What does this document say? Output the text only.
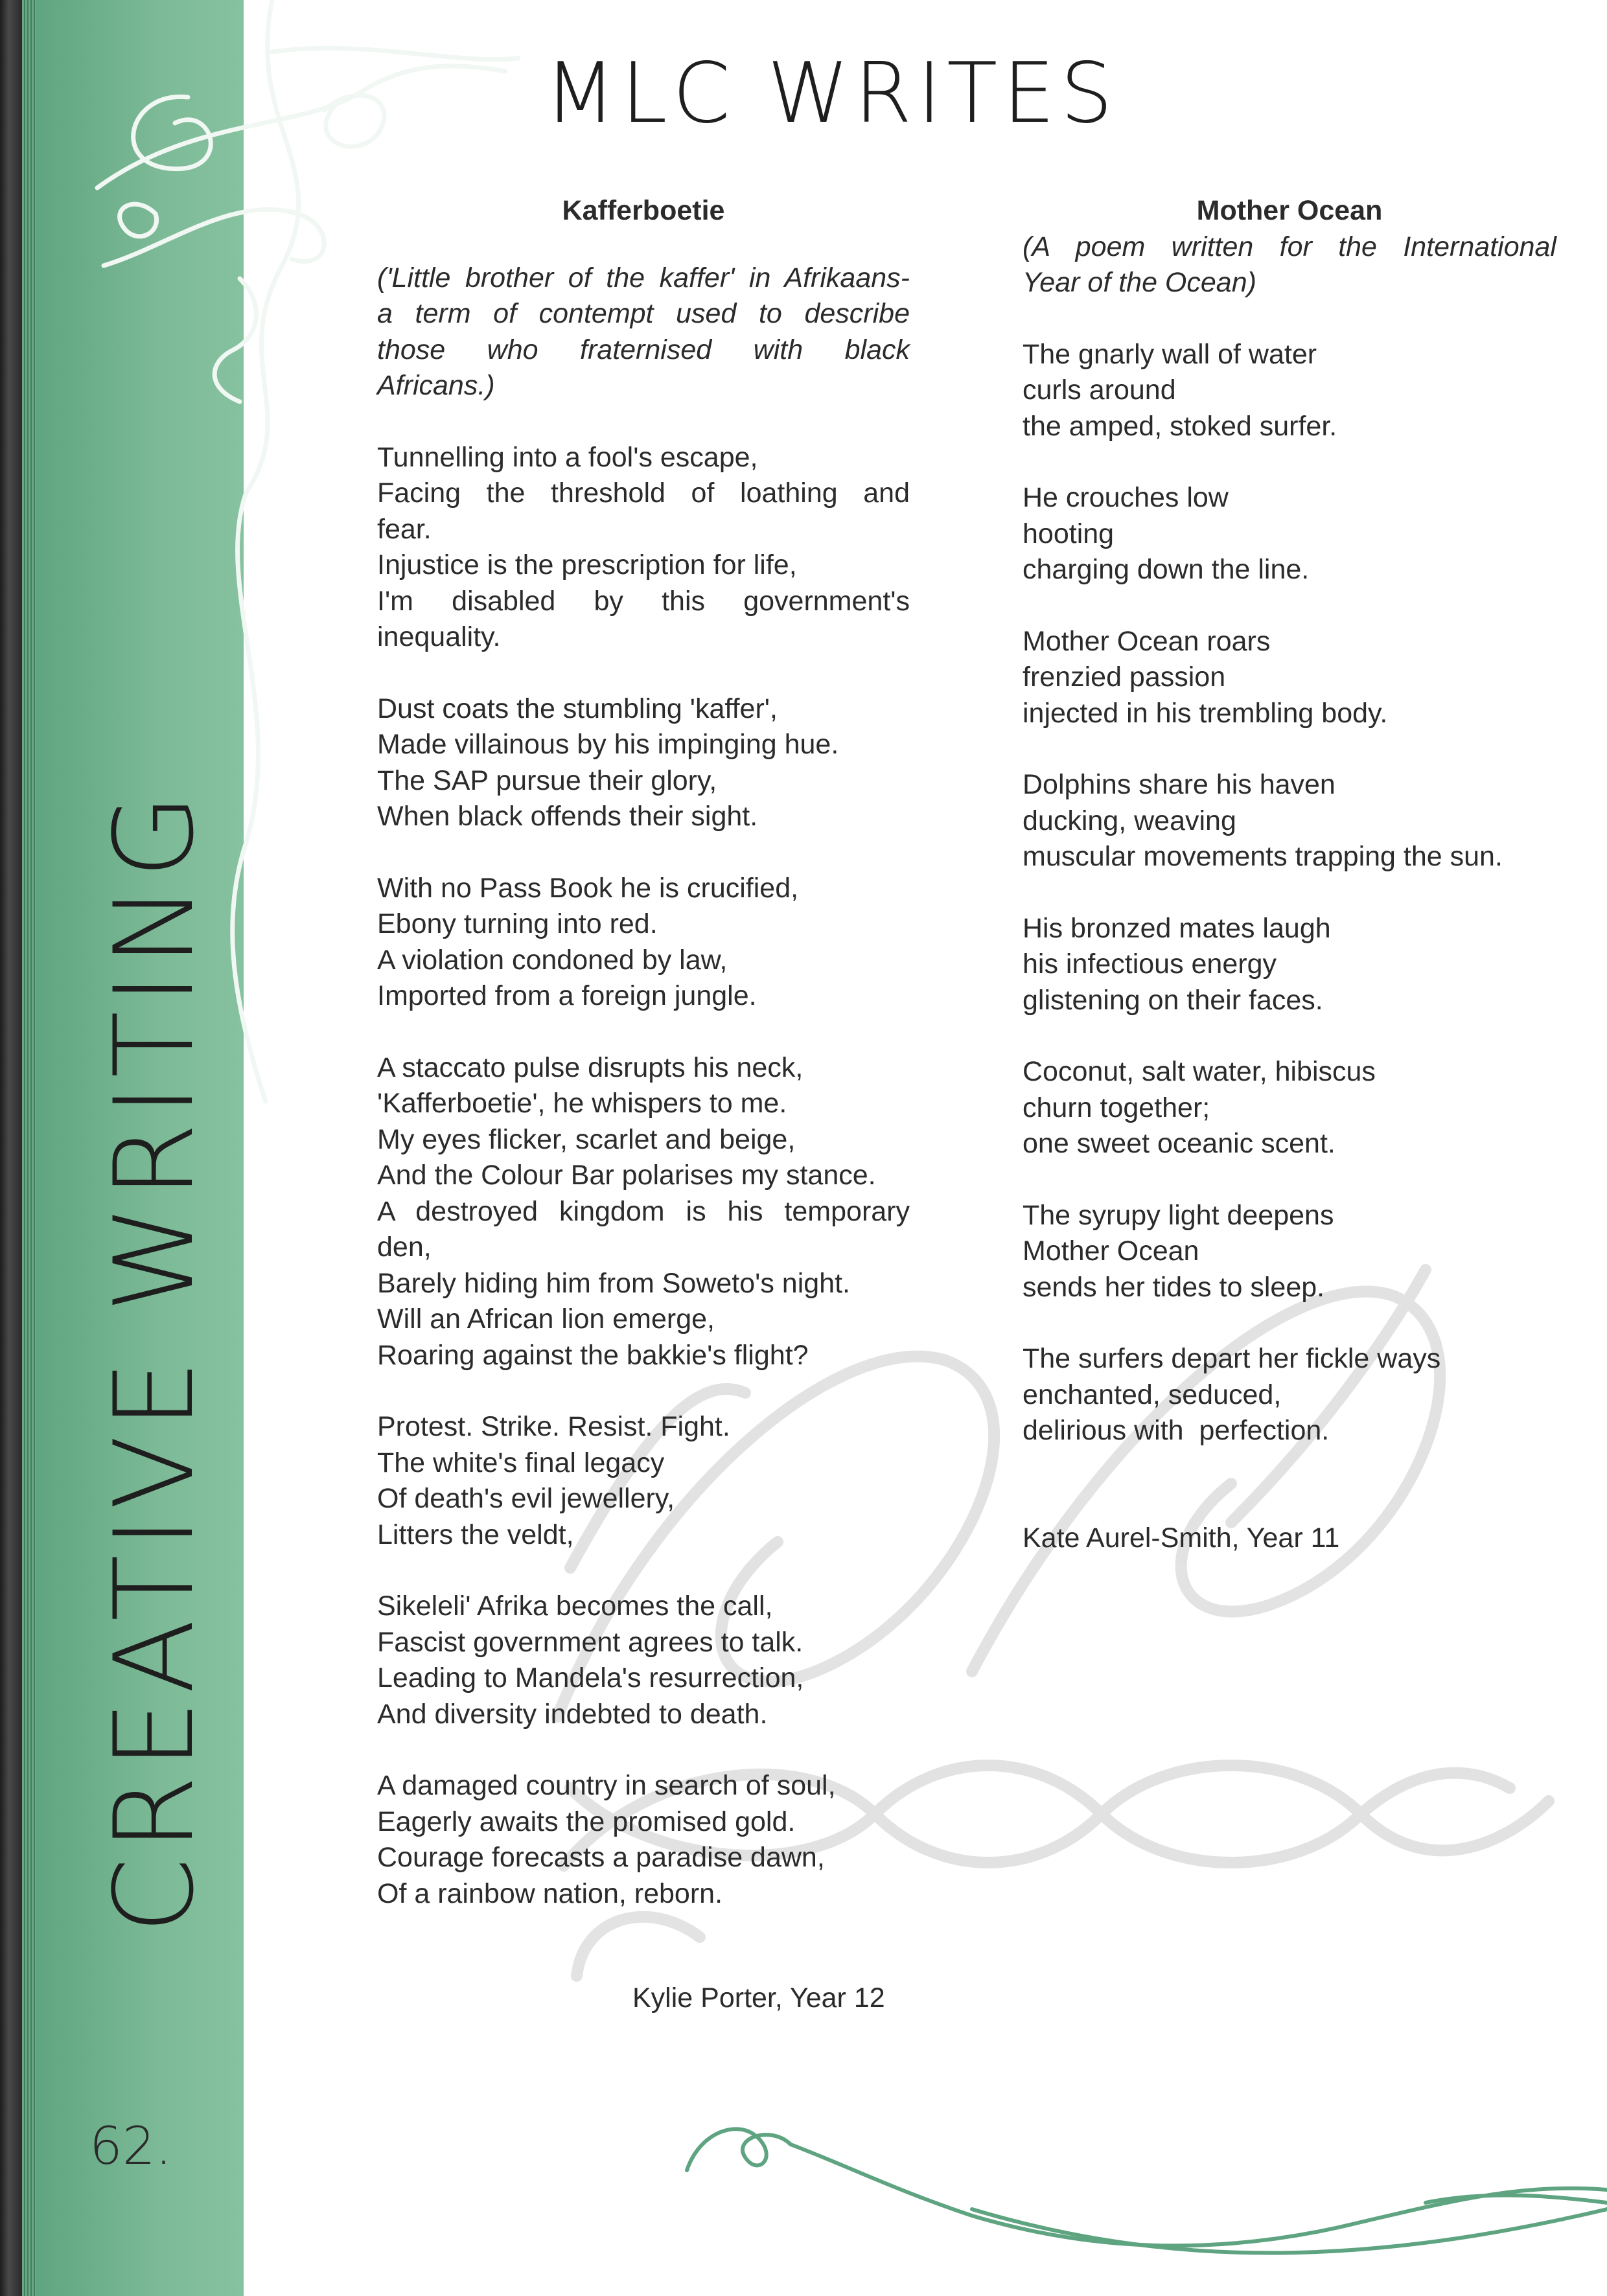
CREATIVE WRITING
62.
MLC WRITES

Kafferboetie

('Little brother of the kaffer' in Afrikaans-
a term of contempt used to describe
those who fraternised with black
Africans.)
Tunnelling into a fool's escape,
Facing the threshold of loathing and
fear.
Injustice is the prescription for life,
I'm disabled by this government's
inequality.
Dust coats the stumbling 'kaffer',
Made villainous by his impinging hue.
The SAP pursue their glory,
When black offends their sight.
With no Pass Book he is crucified,
Ebony turning into red.
A violation condoned by law,
Imported from a foreign jungle.
A staccato pulse disrupts his neck,
'Kafferboetie', he whispers to me.
My eyes flicker, scarlet and beige,
And the Colour Bar polarises my stance.
A destroyed kingdom is his temporary
den,
Barely hiding him from Soweto's night.
Will an African lion emerge,
Roaring against the bakkie's flight?
Protest. Strike. Resist. Fight.
The white's final legacy
Of death's evil jewellery,
Litters the veldt,
Sikeleli' Afrika becomes the call,
Fascist government agrees to talk.
Leading to Mandela's resurrection,
And diversity indebted to death.
A damaged country in search of soul,
Eagerly awaits the promised gold.
Courage forecasts a paradise dawn,
Of a rainbow nation, reborn.
Kylie Porter, Year 12

Mother Ocean

(A poem written for the International
Year of the Ocean)
The gnarly wall of water
curls around
the amped, stoked surfer.
He crouches low
hooting
charging down the line.
Mother Ocean roars
frenzied passion
injected in his trembling body.
Dolphins share his haven
ducking, weaving
muscular movements trapping the sun.
His bronzed mates laugh
his infectious energy
glistening on their faces.
Coconut, salt water, hibiscus
churn together;
one sweet oceanic scent.
The syrupy light deepens
Mother Ocean
sends her tides to sleep.
The surfers depart her fickle ways
enchanted, seduced,
delirious with  perfection.
Kate Aurel-Smith, Year 11
